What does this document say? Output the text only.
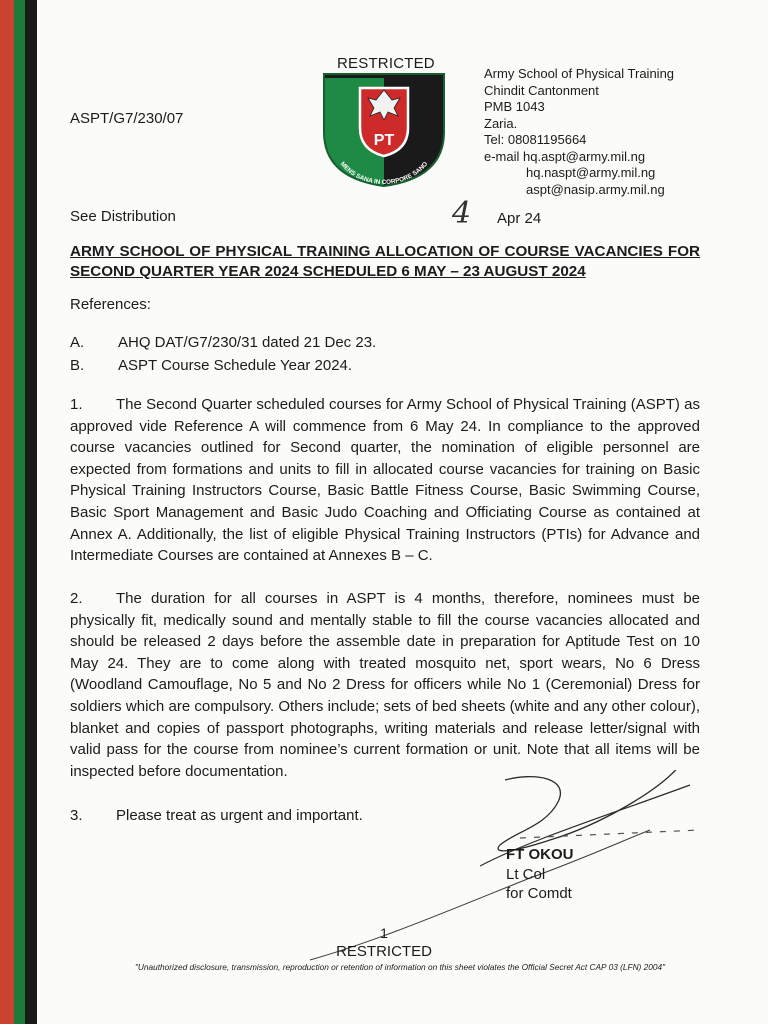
RESTRICTED
PT
MENS SANA IN CORPORE SANO
ASPT/G7/230/07
Army School of Physical Training
Chindit Cantonment
PMB 1043
Zaria.
Tel: 08081195664
e-mail hq.aspt@army.mil.ng
hq.naspt@army.mil.ng
aspt@nasip.army.mil.ng
See Distribution	4 Apr 24
ARMY SCHOOL OF PHYSICAL TRAINING ALLOCATION OF COURSE VACANCIES FOR SECOND QUARTER YEAR 2024 SCHEDULED 6 MAY – 23 AUGUST 2024
References:
A. AHQ DAT/G7/230/31 dated 21 Dec 23.
B. ASPT Course Schedule Year 2024.
1. The Second Quarter scheduled courses for Army School of Physical Training (ASPT) as approved vide Reference A will commence from 6 May 24. In compliance to the approved course vacancies outlined for Second quarter, the nomination of eligible personnel are expected from formations and units to fill in allocated course vacancies for training on Basic Physical Training Instructors Course, Basic Battle Fitness Course, Basic Swimming Course, Basic Sport Management and Basic Judo Coaching and Officiating Course as contained at Annex A. Additionally, the list of eligible Physical Training Instructors (PTIs) for Advance and Intermediate Courses are contained at Annexes B – C.
2. The duration for all courses in ASPT is 4 months, therefore, nominees must be physically fit, medically sound and mentally stable to fill the course vacancies allocated and should be released 2 days before the assemble date in preparation for Aptitude Test on 10 May 24. They are to come along with treated mosquito net, sport wears, No 6 Dress (Woodland Camouflage, No 5 and No 2 Dress for officers while No 1 (Ceremonial) Dress for soldiers which are compulsory. Others include; sets of bed sheets (white and any other colour), blanket and copies of passport photographs, writing materials and release letter/signal with valid pass for the course from nominee’s current formation or unit. Note that all items will be inspected before documentation.
3. Please treat as urgent and important.
FT OKOU
Lt Col
for Comdt
1
RESTRICTED
"Unauthorized disclosure, transmission, reproduction or retention of information on this sheet violates the Official Secret Act CAP 03 (LFN) 2004"
